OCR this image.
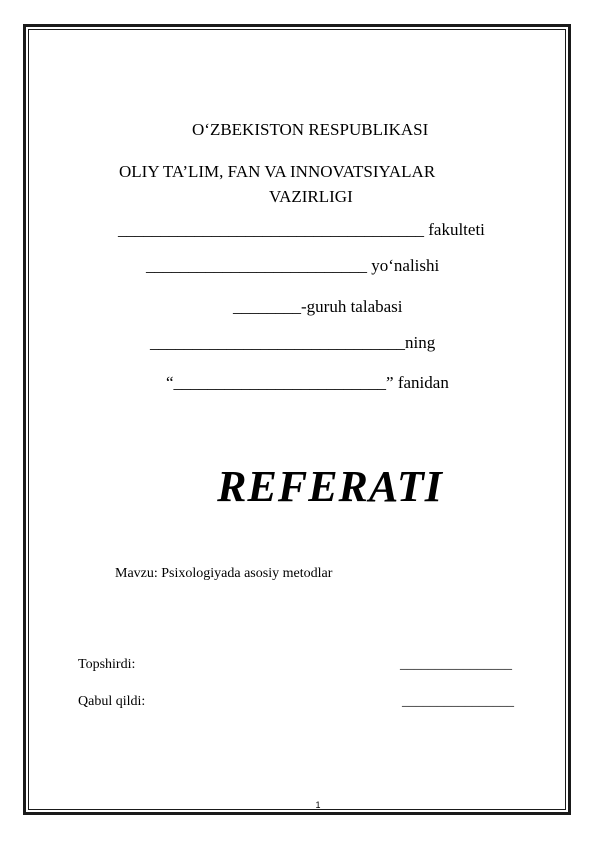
O‘ZBEKISTON RESPUBLIKASI
OLIY TA’LIM, FAN VA INNOVATSIYALAR
VAZIRLIGI
____________________________________ fakulteti
__________________________ yo‘nalishi
________-guruh talabasi
______________________________ning
“_________________________” fanidan
REFERATI
Mavzu: Psixologiyada asosiy metodlar
Topshirdi:	________________
Qabul qildi:	________________
1
